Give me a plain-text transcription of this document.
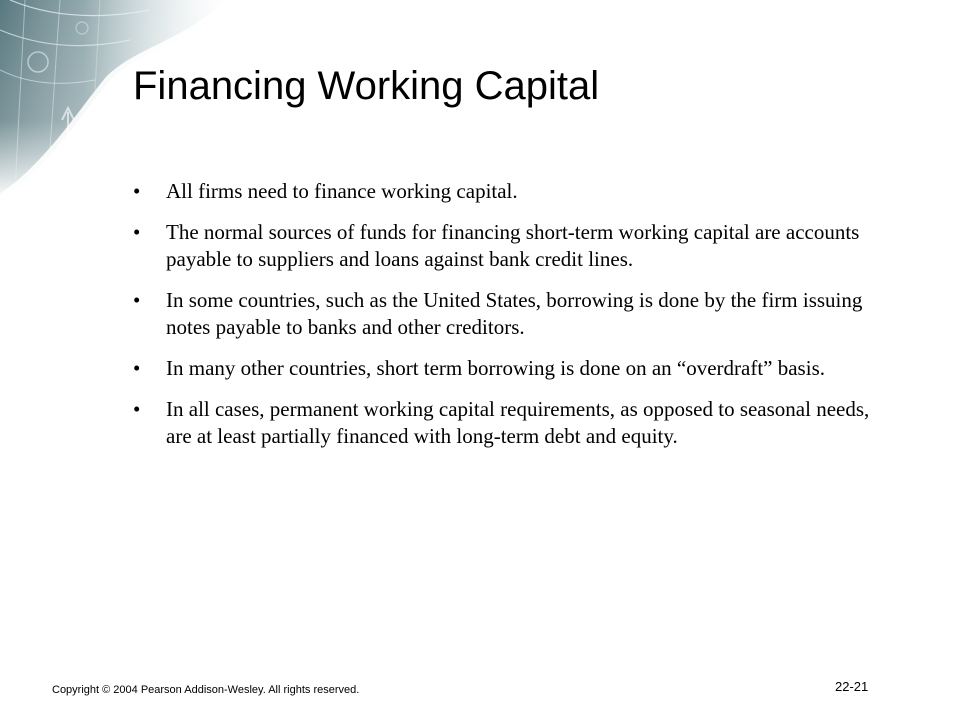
Financing Working Capital
• All firms need to finance working capital.
• The normal sources of funds for financing short-term working capital are accounts payable to suppliers and loans against bank credit lines.
• In some countries, such as the United States, borrowing is done by the firm issuing notes payable to banks and other creditors.
• In many other countries, short term borrowing is done on an “overdraft” basis.
• In all cases, permanent working capital requirements, as opposed to seasonal needs, are at least partially financed with long-term debt and equity.
Copyright © 2004 Pearson Addison-Wesley. All rights reserved.	22-21
